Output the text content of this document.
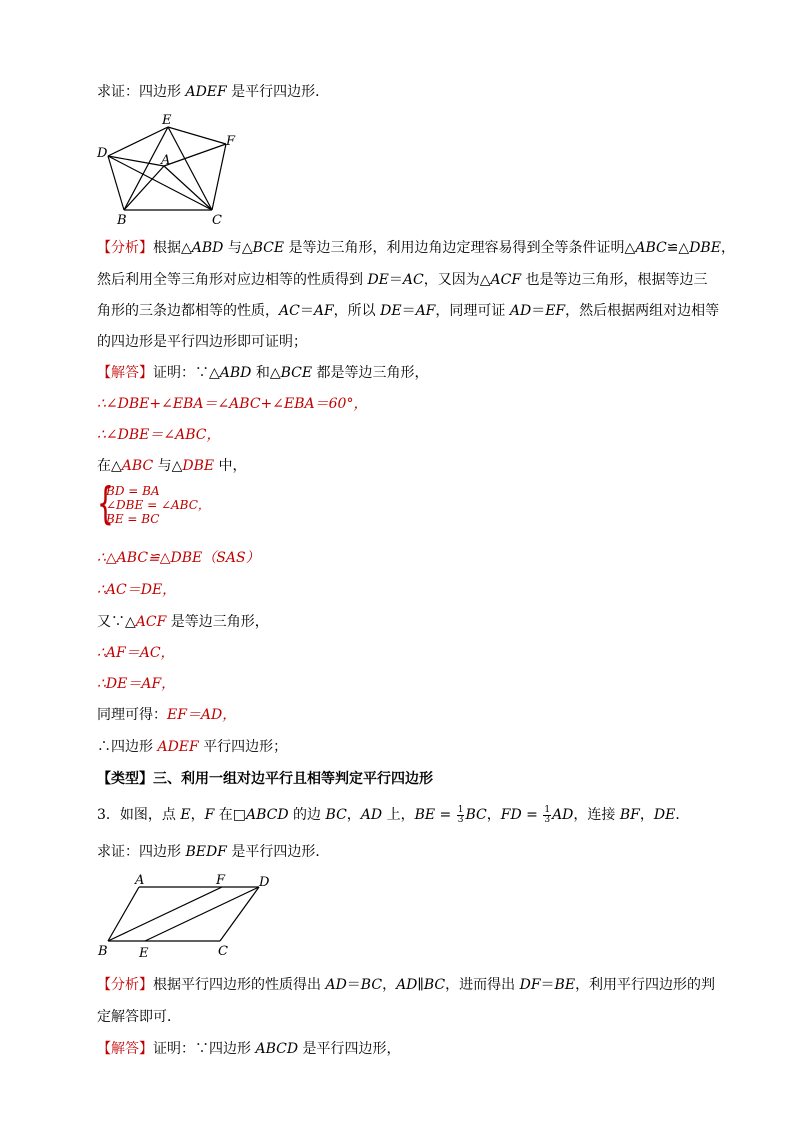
求证：四边形 ADEF 是平行四边形．
E
F
D	A
B	C
【分析】根据△ABD 与△BCE 是等边三角形，利用边角边定理容易得到全等条件证明△ABC≌△DBE，
然后利用全等三角形对应边相等的性质得到 DE＝AC，又因为△ACF 也是等边三角形，根据等边三
角形的三条边都相等的性质，AC＝AF，所以 DE＝AF，同理可证 AD＝EF，然后根据两组对边相等
的四边形是平行四边形即可证明；
【解答】证明：∵△ABD 和△BCE 都是等边三角形，
∴∠DBE+∠EBA＝∠ABC+∠EBA＝60°，
∴∠DBE＝∠ABC，
在△ABC 与△DBE 中，
{
BD = BA
∠DBE = ∠ABC，
BE = BC
∴△ABC≌△DBE（SAS）
∴AC＝DE，
又∵△ACF 是等边三角形，
∴AF＝AC，
∴DE＝AF，
同理可得：EF＝AD，
∴四边形 ADEF 平行四边形；
【类型】三、利用一组对边平行且相等判定平行四边形
3．如图，点 E，F 在□ABCD 的边 BC，AD 上，BE = $\frac{1}{3}$ BC，FD = $\frac{1}{3}$ AD，连接 BF，DE．
求证：四边形 BEDF 是平行四边形．
A	F	D
B E	C
【分析】根据平行四边形的性质得出 AD＝BC，AD∥BC，进而得出 DF＝BE，利用平行四边形的判
定解答即可．
【解答】证明：∵四边形 ABCD 是平行四边形，
